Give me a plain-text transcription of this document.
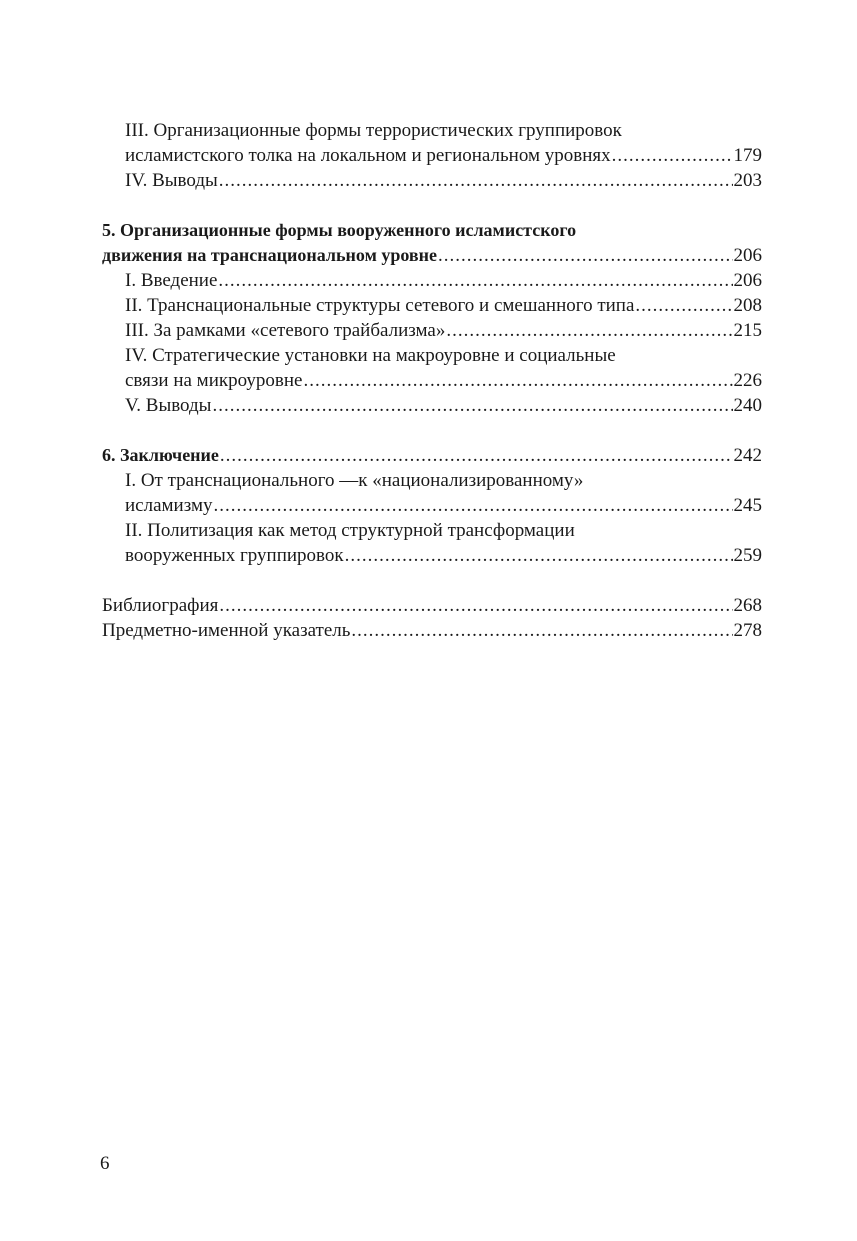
III. Организационные формы террористических группировок
исламистского толка на локальном и региональном уровнях .....	179
IV. Выводы .....	203
5. Организационные формы вооруженного исламистского
движения на транснациональном уровне .....	206
I. Введение .....	206
II. Транснациональные структуры сетевого и смешанного типа .....	208
III. За рамками «сетевого трайбализма» .....	215
IV. Стратегические установки на макроуровне и социальные
связи на микроуровне .....	226
V. Выводы .....	240
6. Заключение .....	242
I. От транснационального —к «национализированному»
исламизму .....	245
II. Политизация как метод структурной трансформации
вооруженных группировок .....	259
Библиография .....	268
Предметно-именной указатель .....	278
6
